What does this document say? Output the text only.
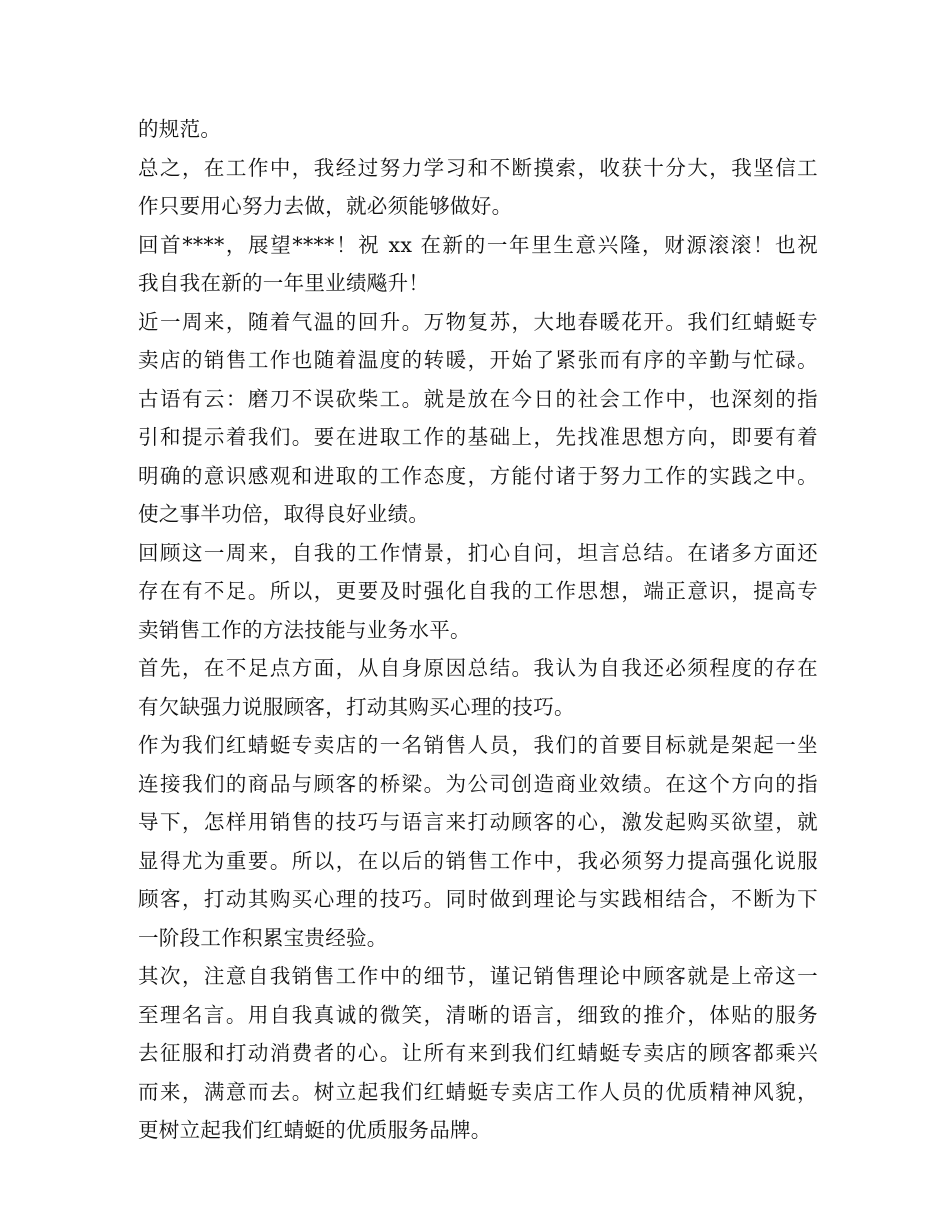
的规范。
总之，在工作中，我经过努力学习和不断摸索，收获十分大，我坚信工
作只要用心努力去做，就必须能够做好。
回首****，展望****！祝 xx 在新的一年里生意兴隆，财源滚滚！也祝
我自我在新的一年里业绩飚升！
近一周来，随着气温的回升。万物复苏，大地春暖花开。我们红蜻蜓专
卖店的销售工作也随着温度的转暖，开始了紧张而有序的辛勤与忙碌。
古语有云：磨刀不误砍柴工。就是放在今日的社会工作中，也深刻的指
引和提示着我们。要在进取工作的基础上，先找准思想方向，即要有着
明确的意识感观和进取的工作态度，方能付诸于努力工作的实践之中。
使之事半功倍，取得良好业绩。
回顾这一周来，自我的工作情景，扪心自问，坦言总结。在诸多方面还
存在有不足。所以，更要及时强化自我的工作思想，端正意识，提高专
卖销售工作的方法技能与业务水平。
首先，在不足点方面，从自身原因总结。我认为自我还必须程度的存在
有欠缺强力说服顾客，打动其购买心理的技巧。
作为我们红蜻蜓专卖店的一名销售人员，我们的首要目标就是架起一坐
连接我们的商品与顾客的桥梁。为公司创造商业效绩。在这个方向的指
导下，怎样用销售的技巧与语言来打动顾客的心，激发起购买欲望，就
显得尤为重要。所以，在以后的销售工作中，我必须努力提高强化说服
顾客，打动其购买心理的技巧。同时做到理论与实践相结合，不断为下
一阶段工作积累宝贵经验。
其次，注意自我销售工作中的细节，谨记销售理论中顾客就是上帝这一
至理名言。用自我真诚的微笑，清晰的语言，细致的推介，体贴的服务
去征服和打动消费者的心。让所有来到我们红蜻蜓专卖店的顾客都乘兴
而来，满意而去。树立起我们红蜻蜓专卖店工作人员的优质精神风貌，
更树立起我们红蜻蜓的优质服务品牌。
